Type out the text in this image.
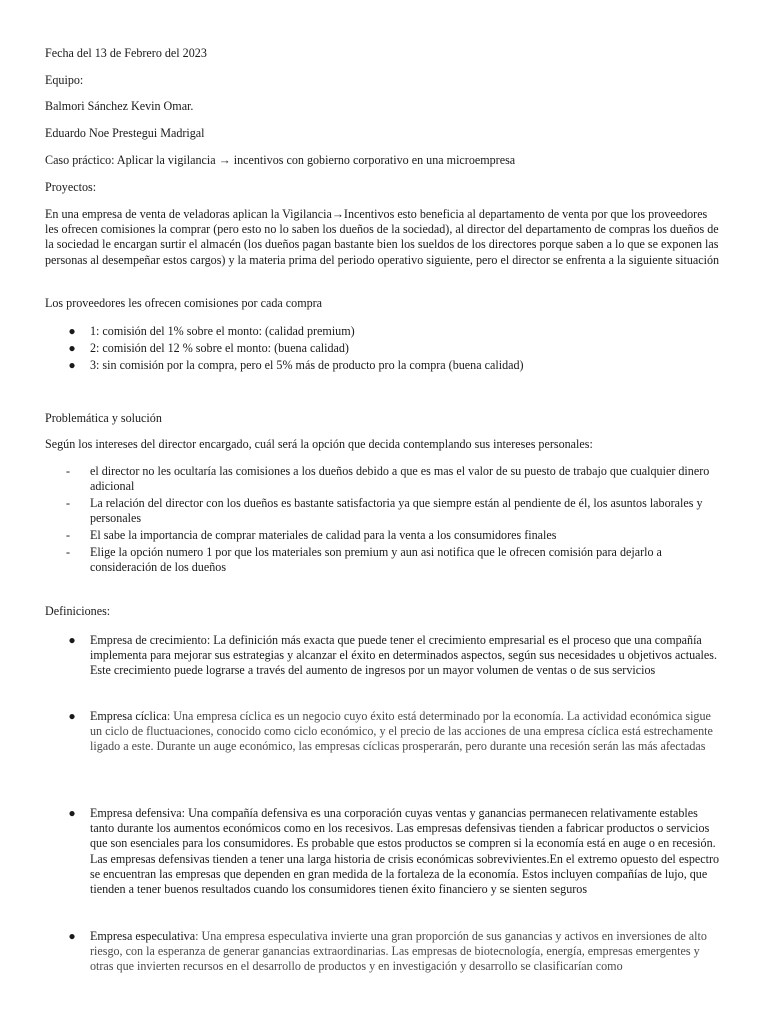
Fecha del 13 de Febrero del 2023

Equipo:

Balmori Sánchez Kevin Omar.

Eduardo Noe Prestegui Madrigal

Caso práctico: Aplicar la vigilancia → incentivos con gobierno corporativo en una microempresa

Proyectos:

En una empresa de venta de veladoras aplican la Vigilancia→Incentivos esto beneficia al departamento de venta por que los proveedores les ofrecen comisiones la comprar (pero esto no lo saben los dueños de la sociedad), al director del departamento de compras los dueños de la sociedad le encargan surtir el almacén (los dueños pagan bastante bien los sueldos de los directores porque saben a lo que se exponen las personas al desempeñar estos cargos) y la materia prima del periodo operativo siguiente, pero el director se enfrenta a la siguiente situación

Los proveedores les ofrecen comisiones por cada compra

● 1: comisión del 1% sobre el monto: (calidad premium)
● 2: comisión del 12 % sobre el monto: (buena calidad)
● 3: sin comisión por la compra, pero el 5% más de producto pro la compra (buena calidad)

Problemática y solución

Según los intereses del director encargado, cuál será la opción que decida contemplando sus intereses personales:

- el director no les ocultaría las comisiones a los dueños debido a que es mas el valor de su puesto de trabajo que cualquier dinero adicional
- La relación del director con los dueños es bastante satisfactoria ya que siempre están al pendiente de él, los asuntos laborales y personales
- El sabe la importancia de comprar materiales de calidad para la venta a los consumidores finales
- Elige la opción numero 1 por que los materiales son premium y aun asi notifica que le ofrecen comisión para dejarlo a consideración de los dueños

Definiciones:

● Empresa de crecimiento: La definición más exacta que puede tener el crecimiento empresarial es el proceso que una compañía implementa para mejorar sus estrategias y alcanzar el éxito en determinados aspectos, según sus necesidades u objetivos actuales. Este crecimiento puede lograrse a través del aumento de ingresos por un mayor volumen de ventas o de sus servicios
● Empresa cíclica: Una empresa cíclica es un negocio cuyo éxito está determinado por la economía. La actividad económica sigue un ciclo de fluctuaciones, conocido como ciclo económico, y el precio de las acciones de una empresa cíclica está estrechamente ligado a este. Durante un auge económico, las empresas cíclicas prosperarán, pero durante una recesión serán las más afectadas
● Empresa defensiva: Una compañía defensiva es una corporación cuyas ventas y ganancias permanecen relativamente estables tanto durante los aumentos económicos como en los recesivos. Las empresas defensivas tienden a fabricar productos o servicios que son esenciales para los consumidores. Es probable que estos productos se compren si la economía está en auge o en recesión.
Las empresas defensivas tienden a tener una larga historia de crisis económicas sobrevivientes.En el extremo opuesto del espectro se encuentran las empresas que dependen en gran medida de la fortaleza de la economía. Estos incluyen compañías de lujo, que tienden a tener buenos resultados cuando los consumidores tienen éxito financiero y se sienten seguros
● Empresa especulativa: Una empresa especulativa invierte una gran proporción de sus ganancias y activos en inversiones de alto riesgo, con la esperanza de generar ganancias extraordinarias. Las empresas de biotecnología, energía, empresas emergentes y otras que invierten recursos en el desarrollo de productos y en investigación y desarrollo se clasificarían como
